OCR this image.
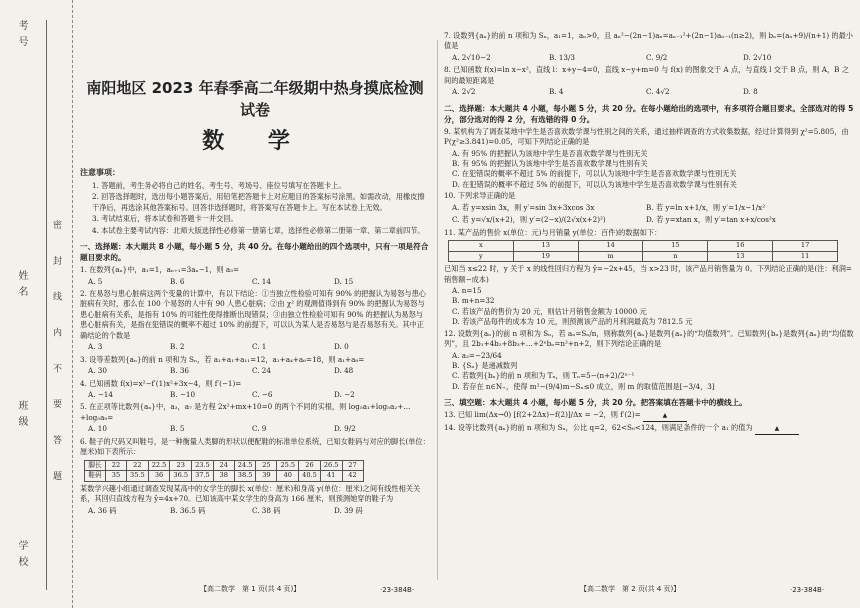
考号
姓名
班级
学校
密 封 线 内 不 要 答 题
南阳地区 2023 年春季高二年级期中热身摸底检测试卷
数 学
注意事项：
1. 答题前，考生务必将自己的姓名、考生号、考场号、座位号填写在答题卡上。
2. 回答选择题时，选出每小题答案后，用铅笔把答题卡上对应题目的答案标号涂黑。如需改动，用橡皮擦干净后，再选涂其他答案标号。回答非选择题时，将答案写在答题卡上。写在本试卷上无效。
3. 考试结束后，将本试卷和答题卡一并交回。
4. 本试卷主要考试内容：北师大版选择性必修第一册第七章，选择性必修第二册第一章、第二章前四节。
一、选择题：本大题共 8 小题，每小题 5 分，共 40 分。在每小题给出的四个选项中，只有一项是符合题目要求的。
1. 在数列{aₙ}中，a₁=1，aₙ₊₁=3aₙ−1，则 a₃=
A. 5	B. 6	C. 14	D. 15
2. 在易怒与患心脏病这两个变量的计算中，有以下结论：①当独立性检验可知有 90% 的把握认为易怒与患心脏病有关时，那么在 100 个易怒的人中有 90 人患心脏病；②由 χ² 的观测值得到有 90% 的把握认为易怒与患心脏病有关系，是指有 10% 的可能性使得推断出现错误；③由独立性检验可知有 90% 的把握认为易怒与患心脏病有关，是指在犯错误的概率不超过 10% 的前提下，可以认为某人是否易怒与是否易怒有关。其中正确结论的个数是
A. 3	B. 2	C. 1	D. 0
3. 设等差数列{aₙ}的前 n 项和为 Sₙ，若 a₁+a₁+a₁₁=12，a₁+a₄+a₆=18，则 a₁+a₈=
A. 30	B. 36	C. 24	D. 48
4. 已知函数 f(x)=x²−f′(1)x²+3x−4，则 f′(−1)=
A. −14	B. −10	C. −6	D. −2
5. 在正项等比数列{aₙ}中，a₃，a₇ 是方程 2x²+mx+10=0 的两个不同的实根，则 log₅a₁+log₅a₂+…+log₅a₉=
A. 10	B. 5	C. 9	D. 9/2
6. 鞋子的尺码又叫鞋号，是一种衡量人类脚的形状以便配鞋的标准单位系统，已知女鞋码与对应的脚长(单位：厘米)如下表所示：
脚长	22	22	22.5	23	23.5	24	24.5	25	25.5	26	26.5	27
鞋码	35	35.5	36	36.5	37.5	38	38.5	39	40	40.5	41	42
某数学兴趣小组通过调查发现某高中的女学生的脚长 x(单位：厘米)和身高 y(单位：厘米)之间有线性相关关系，其回归直线方程为 ŷ=4x+70。已知该高中某女学生的身高为 166 厘米，则预测她穿的鞋子为
A. 36 码	B. 36.5 码	C. 38 码	D. 39 码
【高二数学　第 1 页(共 4 页)】	·23-384B·
7. 设数列{aₙ}的前 n 项和为 Sₙ，a₁=1，aₙ>0，且 aₙ²−(2n−1)aₙ=aₙ₋₁²+(2n−1)aₙ₋₁(n≥2)，则 bₙ=(aₙ+9)/(n+1) 的最小值是
A. 2√10−2	B. 13/3	C. 9/2	D. 2√10
8. 已知函数 f(x)=ln x−x²，直线 l：x+y−4=0，直线 x−y+m=0 与 f(x) 的图象交于 A 点，与直线 l 交于 B 点，则 A，B 之间的最短距离是
A. 2√2	B. 4	C. 4√2	D. 8
二、选择题：本大题共 4 小题，每小题 5 分，共 20 分。在每小题给出的选项中，有多项符合题目要求。全部选对的得 5 分，部分选对的得 2 分，有选错的得 0 分。
9. 某机构为了调查某地中学生是否喜欢数学课与性别之间的关系，通过抽样调查的方式收集数据，经过计算得到 χ²=5.805，由 P(χ²≥3.841)=0.05，可知下列结论正确的是
A. 有 95% 的把握认为该地中学生是否喜欢数学课与性别无关
B. 有 95% 的把握认为该地中学生是否喜欢数学课与性别有关
C. 在犯错误的概率不超过 5% 的前提下，可以认为该地中学生是否喜欢数学课与性别无关
D. 在犯错误的概率不超过 5% 的前提下，可以认为该地中学生是否喜欢数学课与性别有关
10. 下列求导正确的是
A. 若 y=xsin 3x，则 y′=sin 3x+3xcos 3x	B. 若 y=ln x+1/x，则 y′=1/x−1/x²
C. 若 y=√x/(x+2)，则 y′=(2−x)/(2√x(x+2)²)	D. 若 y=xtan x，则 y′=tan x+x/cos²x
11. 某产品的售价 x(单位：元)与月销量 y(单位：百件)的数据如下：
x	13	14	15	16	17
y	19	m	n	13	11
已知当 x≤22 时，y 关于 x 的线性回归方程为 ŷ=−2x+45，当 x>23 时，该产品月销售量为 0。下列结论正确的是(注：利润=销售额−成本)
A. n=15
B. m+n=32
C. 若该产品的售价为 20 元，则估计月销售金额为 10000 元
D. 若该产品每件的成本为 10 元，则预测该产品的月利润最高为 7812.5 元
12. 设数列{aₙ}的前 n 项和为 Sₙ，若 aₙ=Sₙ/n，则称数列{aₙ}是数列{aₙ}的“均值数列”。已知数列{bₙ}是数列{aₙ}的“均值数列”，且 2b₁+4b₂+8b₃+…+2ⁿbₙ=n²+n+2，则下列结论正确的是
A. a₃=−23/64
B. {Sₙ} 是递减数列
C. 若数列{bₙ}的前 n 项和为 Tₙ，则 Tₙ=5−(n+2)/2ⁿ⁻¹
D. 若存在 n∈N₊，使得 m²−(9/4)m−Sₙ≤0 成立，则 m 的取值范围是[−3/4，3]
三、填空题：本大题共 4 小题，每小题 5 分，共 20 分。把答案填在答题卡中的横线上。
13. 已知 lim(Δx→0) [f(2+2Δx)−f(2)]/Δx = −2，则 f′(2)=	▲
14. 设等比数列{aₙ}的前 n 项和为 Sₙ，公比 q=2，62<S₆<124，则满足条件的一个 a₁ 的值为	▲
【高二数学　第 2 页(共 4 页)】	·23-384B·
